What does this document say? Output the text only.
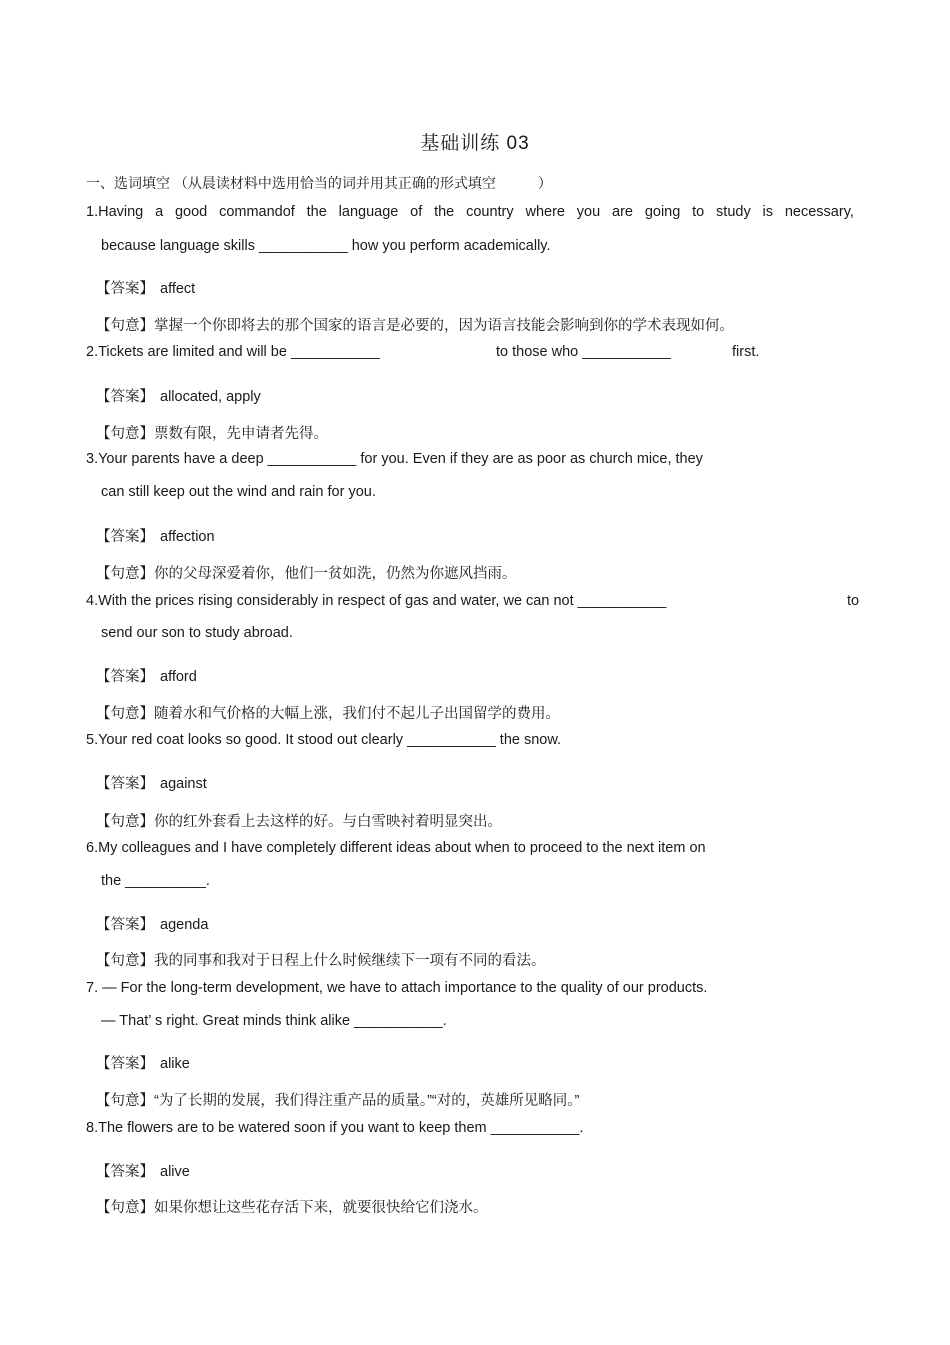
基础训练 03
一、选词填空 （从晨读材料中选用恰当的词并用其正确的形式填空　　　）
1.Having a good commandof the language of the country where you are going to study is necessary,
because language skills ___________ how you perform academically.
【答案】 affect
【句意】掌握一个你即将去的那个国家的语言是必要的，因为语言技能会影响到你的学术表现如何。
2.Tickets are limited and will be ___________	to those who ___________	first.
【答案】 allocated, apply
【句意】票数有限，先申请者先得。
3.Your parents have a deep ___________ for you. Even if they are as poor as church mice, they
can still keep out the wind and rain for you.
【答案】 affection
【句意】你的父母深爱着你，他们一贫如洗，仍然为你遮风挡雨。
4.With the prices rising considerably in respect of gas and water, we can not ___________	to
send our son to study abroad.
【答案】 afford
【句意】随着水和气价格的大幅上涨，我们付不起儿子出国留学的费用。
5.Your red coat looks so good. It stood out clearly ___________ the snow.
【答案】 against
【句意】你的红外套看上去这样的好。与白雪映衬着明显突出。
6.My colleagues and I have completely different ideas about when to proceed to the next item on
the __________.
【答案】 agenda
【句意】我的同事和我对于日程上什么时候继续下一项有不同的看法。
7. — For the long-term development, we have to attach importance to the quality of our products.
— That’ s right. Great minds think alike ___________.
【答案】 alike
【句意】“为了长期的发展，我们得注重产品的质量。”“对的，英雄所见略同。”
8.The flowers are to be watered soon if you want to keep them ___________.
【答案】 alive
【句意】如果你想让这些花存活下来，就要很快给它们浇水。
